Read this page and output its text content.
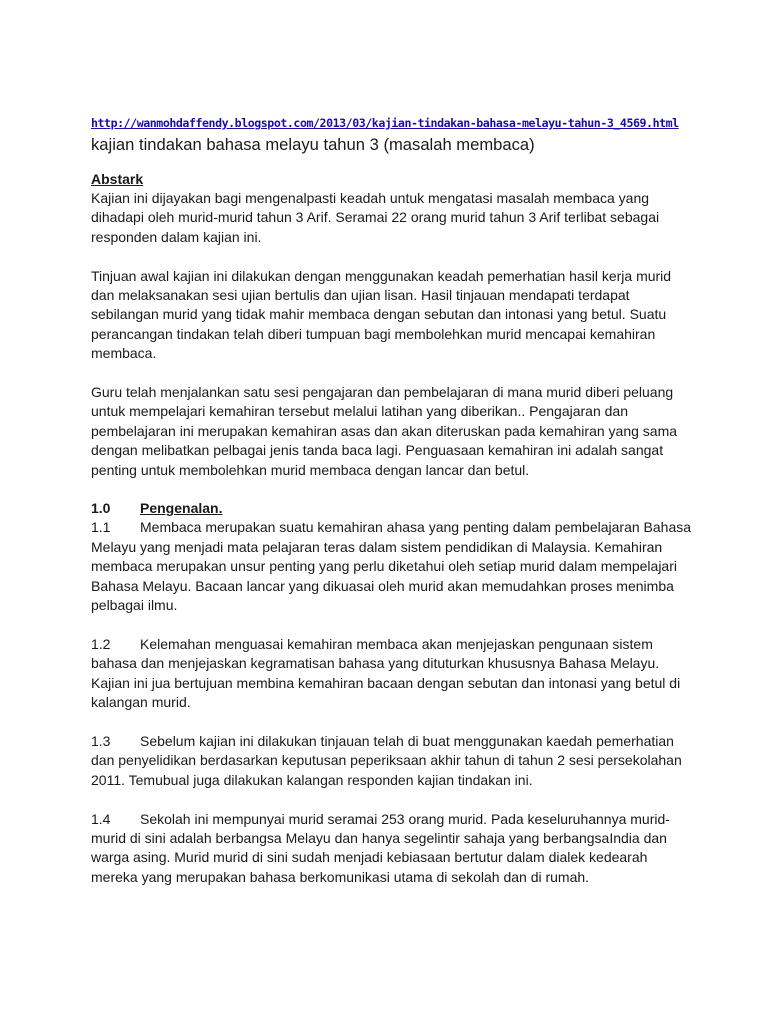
http://wanmohdaffendy.blogspot.com/2013/03/kajian-tindakan-bahasa-melayu-tahun-3_4569.html
kajian tindakan bahasa melayu tahun 3 (masalah membaca)
Abstark

Kajian ini dijayakan bagi mengenalpasti keadah untuk mengatasi masalah membaca yang dihadapi oleh murid-murid tahun 3 Arif. Seramai 22 orang murid tahun 3 Arif terlibat sebagai responden dalam kajian ini.

Tinjuan awal kajian ini dilakukan dengan menggunakan keadah pemerhatian hasil kerja murid dan melaksanakan sesi ujian bertulis dan ujian lisan. Hasil tinjauan mendapati terdapat sebilangan murid yang tidak mahir membaca dengan sebutan dan intonasi yang betul. Suatu perancangan tindakan telah diberi tumpuan bagi membolehkan murid mencapai kemahiran membaca.

Guru telah menjalankan satu sesi pengajaran dan pembelajaran di mana murid diberi peluang untuk mempelajari kemahiran tersebut melalui latihan yang diberikan.. Pengajaran dan pembelajaran ini merupakan kemahiran asas dan akan diteruskan pada kemahiran yang sama dengan melibatkan pelbagai jenis tanda baca lagi. Penguasaan kemahiran ini adalah sangat penting untuk membolehkan murid membaca dengan lancar dan betul.

1.0 Pengenalan.

1.1 Membaca merupakan suatu kemahiran ahasa yang penting dalam pembelajaran Bahasa Melayu yang menjadi mata pelajaran teras dalam sistem pendidikan di Malaysia. Kemahiran membaca merupakan unsur penting yang perlu diketahui oleh setiap murid dalam mempelajari Bahasa Melayu. Bacaan lancar yang dikuasai oleh murid akan memudahkan proses menimba pelbagai ilmu.

1.2 Kelemahan menguasai kemahiran membaca akan menjejaskan pengunaan sistem bahasa dan menjejaskan kegramatisan bahasa yang dituturkan khususnya Bahasa Melayu. Kajian ini jua bertujuan membina kemahiran bacaan dengan sebutan dan intonasi yang betul di kalangan murid.

1.3 Sebelum kajian ini dilakukan tinjauan telah di buat menggunakan kaedah pemerhatian dan penyelidikan berdasarkan keputusan peperiksaan akhir tahun di tahun 2 sesi persekolahan 2011. Temubual juga dilakukan kalangan responden kajian tindakan ini.

1.4 Sekolah ini mempunyai murid seramai 253 orang murid. Pada keseluruhannya murid-murid di sini adalah berbangsa Melayu dan hanya segelintir sahaja yang berbangsaIndia dan warga asing. Murid murid di sini sudah menjadi kebiasaan bertutur dalam dialek kedearah mereka yang merupakan bahasa berkomunikasi utama di sekolah dan di rumah.
